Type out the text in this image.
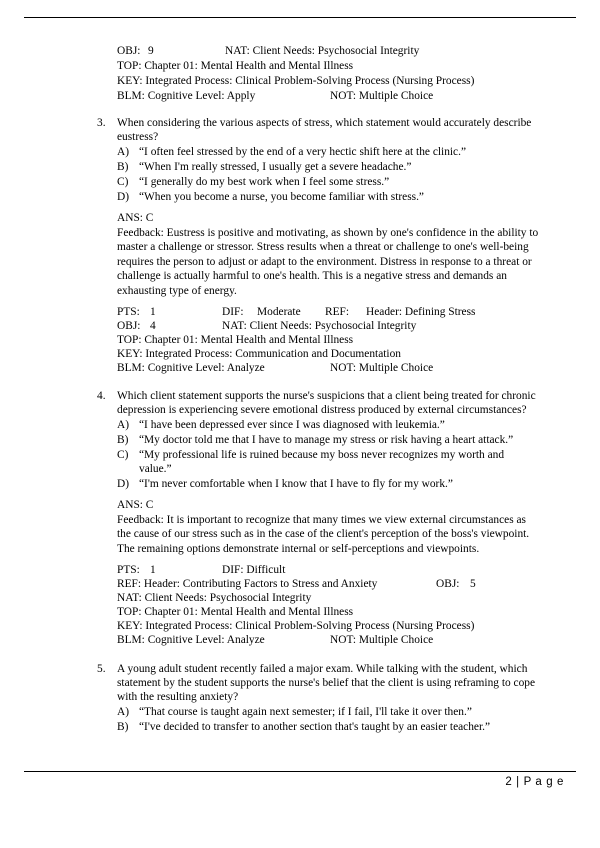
OBJ: 9	NAT: Client Needs: Psychosocial Integrity
TOP: Chapter 01: Mental Health and Mental Illness
KEY: Integrated Process: Clinical Problem-Solving Process (Nursing Process)
BLM: Cognitive Level: Apply	NOT: Multiple Choice
3. When considering the various aspects of stress, which statement would accurately describe
eustress?
A) “I often feel stressed by the end of a very hectic shift here at the clinic.”
B) “When I'm really stressed, I usually get a severe headache.”
C) “I generally do my best work when I feel some stress.”
D) “When you become a nurse, you become familiar with stress.”
ANS: C
Feedback: Eustress is positive and motivating, as shown by one's confidence in the ability to
master a challenge or stressor. Stress results when a threat or challenge to one's well-being
requires the person to adjust or adapt to the environment. Distress in response to a threat or
challenge is actually harmful to one's health. This is a negative stress and demands an
exhausting type of energy.
PTS: 1	DIF: Moderate REF: Header: Defining Stress
OBJ: 4	NAT: Client Needs: Psychosocial Integrity
TOP: Chapter 01: Mental Health and Mental Illness
KEY: Integrated Process: Communication and Documentation
BLM: Cognitive Level: Analyze	NOT: Multiple Choice
4. Which client statement supports the nurse's suspicions that a client being treated for chronic
depression is experiencing severe emotional distress produced by external circumstances?
A) “I have been depressed ever since I was diagnosed with leukemia.”
B) “My doctor told me that I have to manage my stress or risk having a heart attack.”
C) “My professional life is ruined because my boss never recognizes my worth and
value.”
D) “I'm never comfortable when I know that I have to fly for my work.”
ANS: C
Feedback: It is important to recognize that many times we view external circumstances as
the cause of our stress such as in the case of the client's perception of the boss's viewpoint.
The remaining options demonstrate internal or self-perceptions and viewpoints.
PTS: 1	DIF: Difficult
REF: Header: Contributing Factors to Stress and Anxiety	OBJ: 5
NAT: Client Needs: Psychosocial Integrity
TOP: Chapter 01: Mental Health and Mental Illness
KEY: Integrated Process: Clinical Problem-Solving Process (Nursing Process)
BLM: Cognitive Level: Analyze	NOT: Multiple Choice
5. A young adult student recently failed a major exam. While talking with the student, which
statement by the student supports the nurse's belief that the client is using reframing to cope
with the resulting anxiety?
A) “That course is taught again next semester; if I fail, I'll take it over then.”
B) “I've decided to transfer to another section that's taught by an easier teacher.”
2 | P a g e
